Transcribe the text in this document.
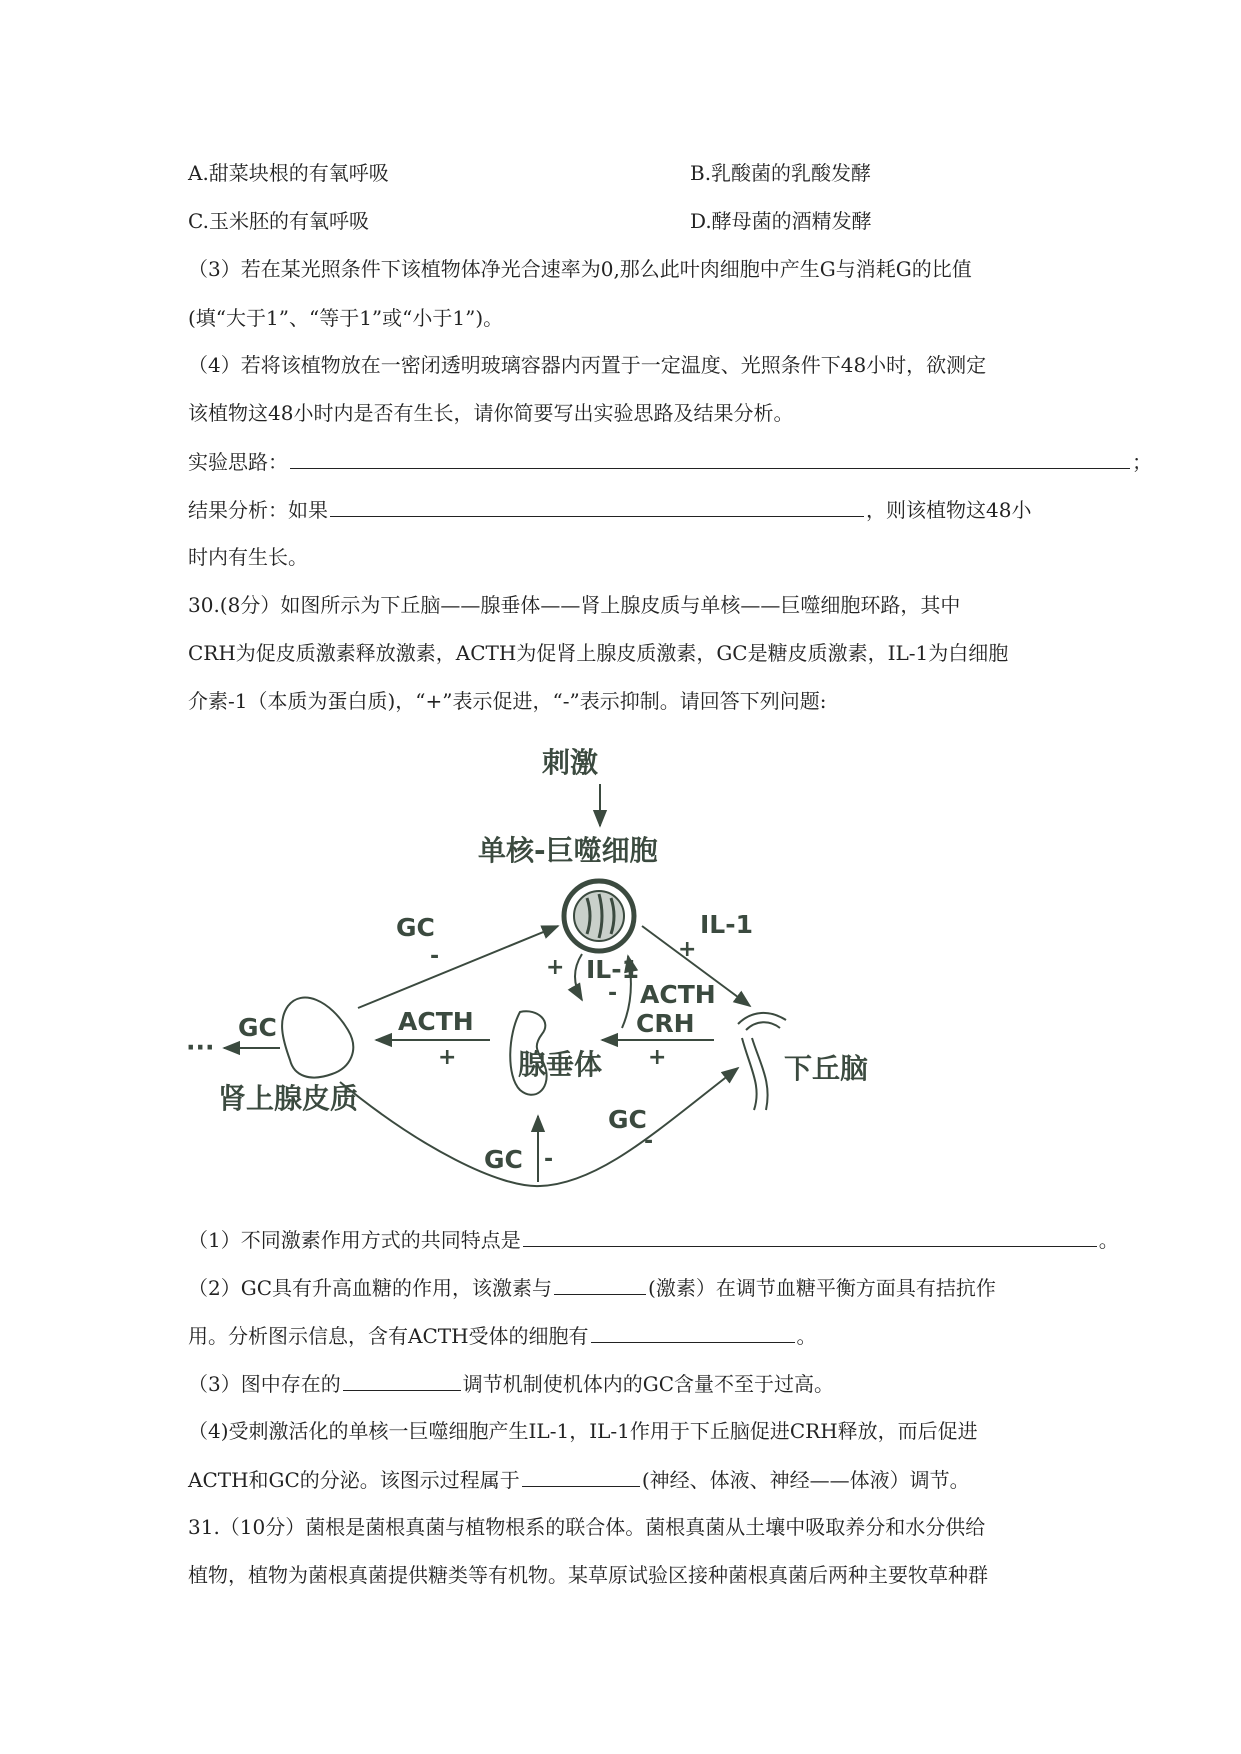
A.甜菜块根的有氧呼吸	B.乳酸菌的乳酸发酵
C.玉米胚的有氧呼吸	D.酵母菌的酒精发酵
（3）若在某光照条件下该植物体净光合速率为0,那么此叶肉细胞中产生G与消耗G的比值
(填“大于1”、“等于1”或“小于1”)。
（4）若将该植物放在一密闭透明玻璃容器内丙置于一定温度、光照条件下48小时，欲测定
该植物这48小时内是否有生长，请你简要写出实验思路及结果分析。
实验思路：	；
结果分析：如果	，则该植物这48小
时内有生长。
30.(8分）如图所示为下丘脑——腺垂体——肾上腺皮质与单核——巨噬细胞环路，其中
CRH为促皮质激素释放激素，ACTH为促肾上腺皮质激素，GC是糖皮质激素，IL-1为白细胞
介素-1（本质为蛋白质)，“+”表示促进，“-”表示抑制。请回答下列问题:
刺激
单核-巨噬细胞
GC
-
IL-1
+
+ IL-1
- ACTH
肾上腺皮质
GC
···
ACTH
+ 腺垂体
CRH
+	下丘脑
GC
-
GC -
（1）不同激素作用方式的共同特点是	。
（2）GC具有升高血糖的作用，该激素与	(激素）在调节血糖平衡方面具有拮抗作
用。分析图示信息，含有ACTH受体的细胞有	。
（3）图中存在的	调节机制使机体内的GC含量不至于过高。
（4)受刺激活化的单核一巨噬细胞产生IL-1，IL-1作用于下丘脑促进CRH释放，而后促进
ACTH和GC的分泌。该图示过程属于	(神经、体液、神经——体液）调节。
31.（10分）菌根是菌根真菌与植物根系的联合体。菌根真菌从土壤中吸取养分和水分供给
植物，植物为菌根真菌提供糖类等有机物。某草原试验区接种菌根真菌后两种主要牧草种群
